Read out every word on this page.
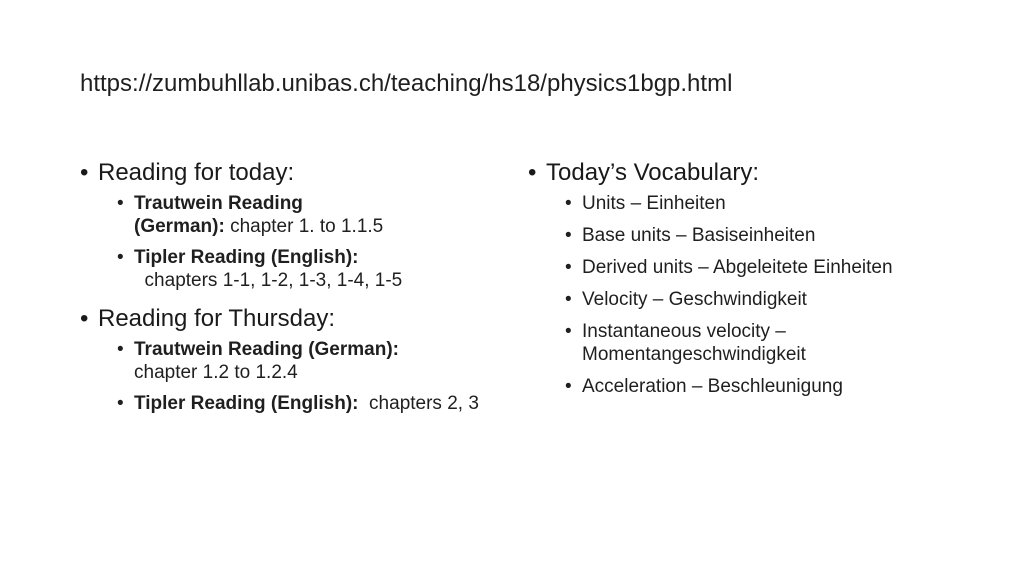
https://zumbuhllab.unibas.ch/teaching/hs18/physics1bgp.html
• Reading for today:
• Trautwein Reading
(German): chapter 1. to 1.1.5
• Tipler Reading (English):  chapters 1-1, 1-2, 1-3, 1-4, 1-5
• Reading for Thursday:
• Trautwein Reading (German):
chapter 1.2 to 1.2.4
• Tipler Reading (English):  chapters 2, 3
• Today’s Vocabulary:
• Units – Einheiten
• Base units – Basiseinheiten
• Derived units – Abgeleitete Einheiten
• Velocity – Geschwindigkeit
• Instantaneous velocity – Momentangeschwindigkeit
• Acceleration – Beschleunigung
